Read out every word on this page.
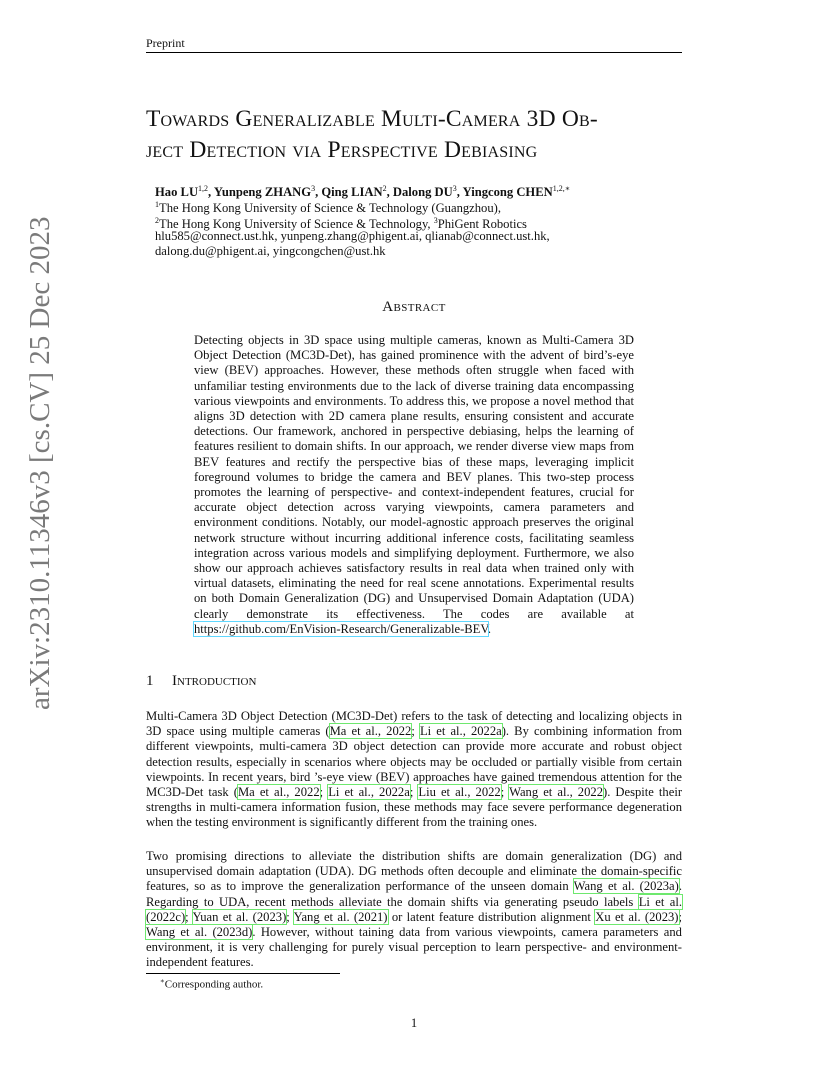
Preprint
arXiv:2310.11346v3 [cs.CV] 25 Dec 2023
Towards Generalizable Multi-Camera 3D Ob-
ject Detection via Perspective Debiasing
Hao LU$^{1,2}$, Yunpeng ZHANG$^3$, Qing LIAN$^2$, Dalong $DU^3$, Yingcong $CHEN^{1,2,∗}$
$^1$The Hong Kong University of Science & Technology (Guangzhou),
$^2$The Hong Kong University of Science & Technology, $^3$PhiGent Robotics
hlu585@connect.ust.hk, yunpeng.zhang@phigent.ai, qlianab@connect.ust.hk,
dalong.du@phigent.ai, yingcongchen@ust.hk
Abstract
Detecting objects in 3D space using multiple cameras, known as Multi-Camera 3D Object Detection (MC3D-Det), has gained prominence with the advent of bird’s-eye view (BEV) approaches. However, these methods often struggle when faced with unfamiliar testing environments due to the lack of diverse training data encompassing various viewpoints and environments. To address this, we propose a novel method that aligns 3D detection with 2D camera plane results, ensuring consistent and accurate detections. Our framework, anchored in perspective debiasing, helps the learning of features resilient to domain shifts. In our approach, we render diverse view maps from BEV features and rectify the perspective bias of these maps, leveraging implicit foreground volumes to bridge the camera and BEV planes. This two-step process promotes the learning of perspective- and context-independent features, crucial for accurate object detection across varying viewpoints, camera parameters and environment conditions. Notably, our model-agnostic approach preserves the original network structure without incurring additional inference costs, facilitating seamless integration across various models and simplifying deployment. Furthermore, we also show our approach achieves satisfactory results in real data when trained only with virtual datasets, eliminating the need for real scene annotations. Experimental results on both Domain Generalization (DG) and Unsupervised Domain Adaptation (UDA) clearly demonstrate its effectiveness. The codes are available at https://github.com/EnVision-Research/Generalizable-BEV.
1 Introduction
Multi-Camera 3D Object Detection (MC3D-Det) refers to the task of detecting and localizing objects in 3D space using multiple cameras (Ma et al., 2022; Li et al., 2022a). By combining information from different viewpoints, multi-camera 3D object detection can provide more accurate and robust object detection results, especially in scenarios where objects may be occluded or partially visible from certain viewpoints. In recent years, bird ’s-eye view (BEV) approaches have gained tremendous attention for the MC3D-Det task (Ma et al., 2022; Li et al., 2022a; Liu et al., 2022; Wang et al., 2022). Despite their strengths in multi-camera information fusion, these methods may face severe performance degeneration when the testing environment is significantly different from the training ones.
Two promising directions to alleviate the distribution shifts are domain generalization (DG) and unsupervised domain adaptation (UDA). DG methods often decouple and eliminate the domain-specific features, so as to improve the generalization performance of the unseen domain Wang et al. (2023a). Regarding to UDA, recent methods alleviate the domain shifts via generating pseudo labels Li et al. (2022c); Yuan et al. (2023); Yang et al. (2021) or latent feature distribution alignment Xu et al. (2023); Wang et al. (2023d). However, without taining data from various viewpoints, camera parameters and environment, it is very challenging for purely visual perception to learn perspective- and environment-independent features.
∗Corresponding author.
1
